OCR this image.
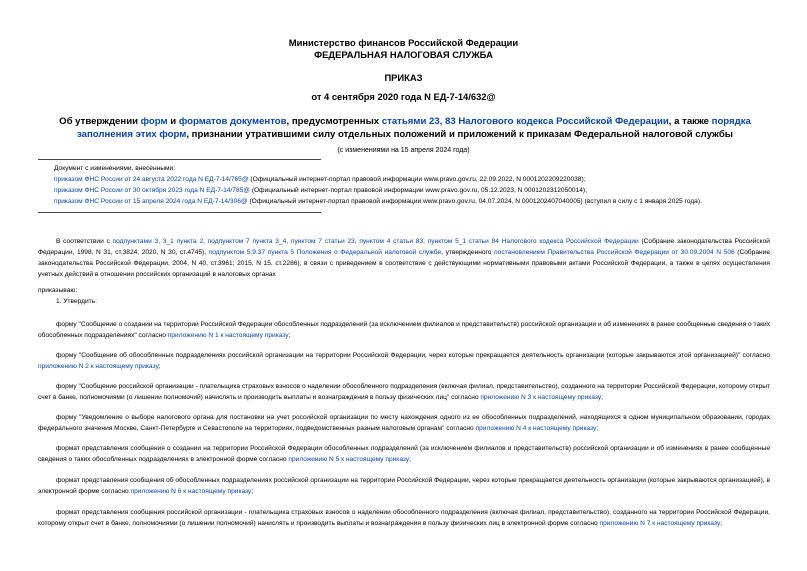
Министерство финансов Российской Федерации
ФЕДЕРАЛЬНАЯ НАЛОГОВАЯ СЛУЖБА
ПРИКАЗ
от 4 сентября 2020 года N ЕД-7-14/632@
Об утверждении форм и форматов документов, предусмотренных статьями 23, 83 Налогового кодекса Российской Федерации, а также порядка заполнения этих форм, признании утратившими силу отдельных положений и приложений к приказам Федеральной налоговой службы
(с изменениями на 15 апреля 2024 года)
Документ с изменениями, внесенными:
приказом ФНС России от 24 августа 2022 года N ЕД-7-14/765@ (Официальный интернет-портал правовой информации www.pravo.gov.ru, 22.09.2022, N 0001202209220038);
приказом ФНС России от 30 октября 2023 года N ЕД-7-14/785@ (Официальный интернет-портал правовой информации www.pravo.gov.ru, 05.12.2023, N 0001202312050014);
приказом ФНС России от 15 апреля 2024 года N ЕД-7-14/306@ (Официальный интернет-портал правовой информации www.pravo.gov.ru, 04.07.2024, N 0001202407040005) (вступил в силу с 1 января 2025 года).
В соответствии с подпунктами 3, 3_1 пункта 2, подпунктом 7 пункта 3_4, пунктом 7 статьи 23, пунктом 4 статьи 83, пунктом 5_1 статьи 84 Налогового кодекса Российской Федерации (Собрание законодательства Российской Федерации, 1998, N 31, ст.3824; 2020, N 30, ст.4745), подпунктом 5.9.37 пункта 5 Положения о Федеральной налоговой службе, утвержденного постановлением Правительства Российской Федерации от 30.09.2004 N 506 (Собрание законодательства Российской Федерации, 2004, N 40, ст.3961; 2015, N 15, ст.2286), в связи с приведением в соответствие с действующими нормативными правовыми актами Российской Федерации, а также в целях осуществления учетных действий в отношении российских организаций в налоговых органах
приказываю:
1. Утвердить:
форму "Сообщение о создании на территории Российской Федерации обособленных подразделений (за исключением филиалов и представительств) российской организации и об изменениях в ранее сообщенные сведения о таких обособленных подразделениях" согласно приложению N 1 к настоящему приказу;
форму "Сообщение об обособленных подразделениях российской организации на территории Российской Федерации, через которые прекращается деятельность организации (которые закрываются этой организацией)" согласно приложению N 2 к настоящему приказу;
форму "Сообщение российской организации - плательщика страховых взносов о наделении обособленного подразделения (включая филиал, представительство), созданного на территории Российской Федерации, которому открыт счет в банке, полномочиями (о лишении полномочий) начислять и производить выплаты и вознаграждения в пользу физических лиц" согласно приложению N 3 к настоящему приказу;
форму "Уведомление о выборе налогового органа для постановки на учет российской организации по месту нахождения одного из ее обособленных подразделений, находящихся в одном муниципальном образовании, городах федерального значения Москве, Санкт-Петербурге и Севастополе на территориях, подведомственных разным налоговым органам" согласно приложению N 4 к настоящему приказу;
формат представления сообщения о создании на территории Российской Федерации обособленных подразделений (за исключением филиалов и представительств) российской организации и об изменениях в ранее сообщенные сведения о таких обособленных подразделениях в электронной форме согласно приложению N 5 к настоящему приказу;
формат представления сообщения об обособленных подразделениях российской организации на территории Российской Федерации, через которые прекращается деятельность организации (которые закрываются организацией), в электронной форме согласно приложению N 6 к настоящему приказу;
формат представления сообщения российской организации - плательщика страховых взносов о наделении обособленного подразделения (включая филиал, представительство), созданного на территории Российской Федерации, которому открыт счет в банке, полномочиями (о лишении полномочий) начислять и производить выплаты и вознаграждения в пользу физических лиц в электронной форме согласно приложению N 7 к настоящему приказу;
